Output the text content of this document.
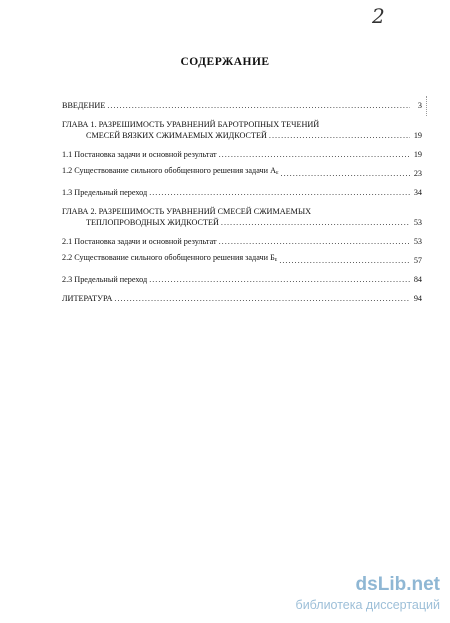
2
СОДЕРЖАНИЕ
ВВЕДЕНИЕ .....	3
ГЛАВА 1. РАЗРЕШИМОСТЬ УРАВНЕНИЙ БАРОТРОПНЫХ ТЕЧЕНИЙ
СМЕСЕЙ ВЯЗКИХ СЖИМАЕМЫХ ЖИДКОСТЕЙ .....	19
1.1 Постановка задачи и основной результат .....	19
1.2 Существование сильного обобщенного решения задачи $A_\varepsilon$ .....	23
1.3 Предельный переход .....	34
ГЛАВА 2. РАЗРЕШИМОСТЬ УРАВНЕНИЙ СМЕСЕЙ СЖИМАЕМЫХ
ТЕПЛОПРОВОДНЫХ ЖИДКОСТЕЙ .....	53
2.1 Постановка задачи и основной результат .....	53
2.2 Существование сильного обобщенного решения задачи $Б_\varepsilon$ .....	57
2.3 Предельный переход .....	84
ЛИТЕРАТУРА .....	94
dsLib.net
библиотека диссертаций
